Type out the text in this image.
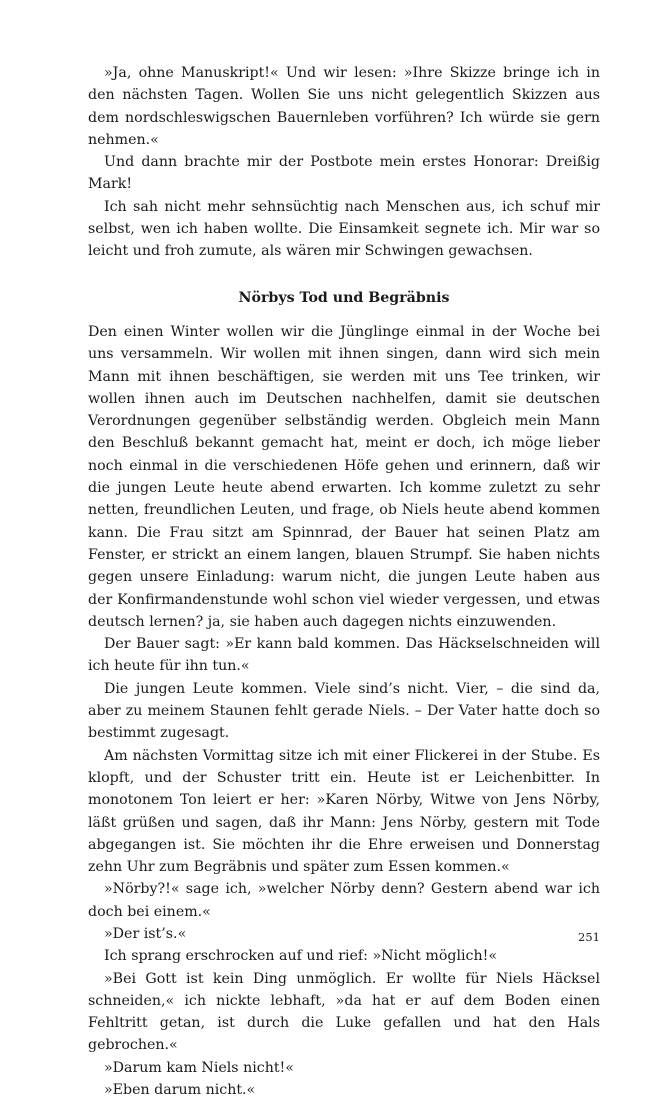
»Ja, ohne Manuskript!« Und wir lesen: »Ihre Skizze bringe ich in den nächsten Tagen. Wollen Sie uns nicht gelegentlich Skizzen aus dem nordschleswigschen Bauernleben vorführen? Ich würde sie gern nehmen.«

Und dann brachte mir der Postbote mein erstes Honorar: Dreißig Mark!

Ich sah nicht mehr sehnsüchtig nach Menschen aus, ich schuf mir selbst, wen ich haben wollte. Die Einsamkeit segnete ich. Mir war so leicht und froh zumute, als wären mir Schwingen gewachsen.

Nörbys Tod und Begräbnis

Den einen Winter wollen wir die Jünglinge einmal in der Woche bei uns versammeln. Wir wollen mit ihnen singen, dann wird sich mein Mann mit ihnen beschäftigen, sie werden mit uns Tee trinken, wir wollen ihnen auch im Deutschen nachhelfen, damit sie deutschen Verordnungen gegenüber selbständig werden. Obgleich mein Mann den Beschluß bekannt gemacht hat, meint er doch, ich möge lieber noch einmal in die verschiedenen Höfe gehen und erinnern, daß wir die jungen Leute heute abend erwarten. Ich komme zuletzt zu sehr netten, freundlichen Leuten, und frage, ob Niels heute abend kommen kann. Die Frau sitzt am Spinnrad, der Bauer hat seinen Platz am Fenster, er strickt an einem langen, blauen Strumpf. Sie haben nichts gegen unsere Einladung: warum nicht, die jungen Leute haben aus der Konfirmandenstunde wohl schon viel wieder vergessen, und etwas deutsch lernen? ja, sie haben auch dagegen nichts einzuwenden.

Der Bauer sagt: »Er kann bald kommen. Das Häckselschneiden will ich heute für ihn tun.«

Die jungen Leute kommen. Viele sind’s nicht. Vier, – die sind da, aber zu meinem Staunen fehlt gerade Niels. – Der Vater hatte doch so bestimmt zugesagt.

Am nächsten Vormittag sitze ich mit einer Flickerei in der Stube. Es klopft, und der Schuster tritt ein. Heute ist er Leichenbitter. In monotonem Ton leiert er her: »Karen Nörby, Witwe von Jens Nörby, läßt grüßen und sagen, daß ihr Mann: Jens Nörby, gestern mit Tode abgegangen ist. Sie möchten ihr die Ehre erweisen und Donnerstag zehn Uhr zum Begräbnis und später zum Essen kommen.«

»Nörby?!« sage ich, »welcher Nörby denn? Gestern abend war ich doch bei einem.«

»Der ist’s.«

Ich sprang erschrocken auf und rief: »Nicht möglich!«

»Bei Gott ist kein Ding unmöglich. Er wollte für Niels Häcksel schneiden,« ich nickte lebhaft, »da hat er auf dem Boden einen Fehltritt getan, ist durch die Luke gefallen und hat den Hals gebrochen.«

»Darum kam Niels nicht!«

»Eben darum nicht.«

251
